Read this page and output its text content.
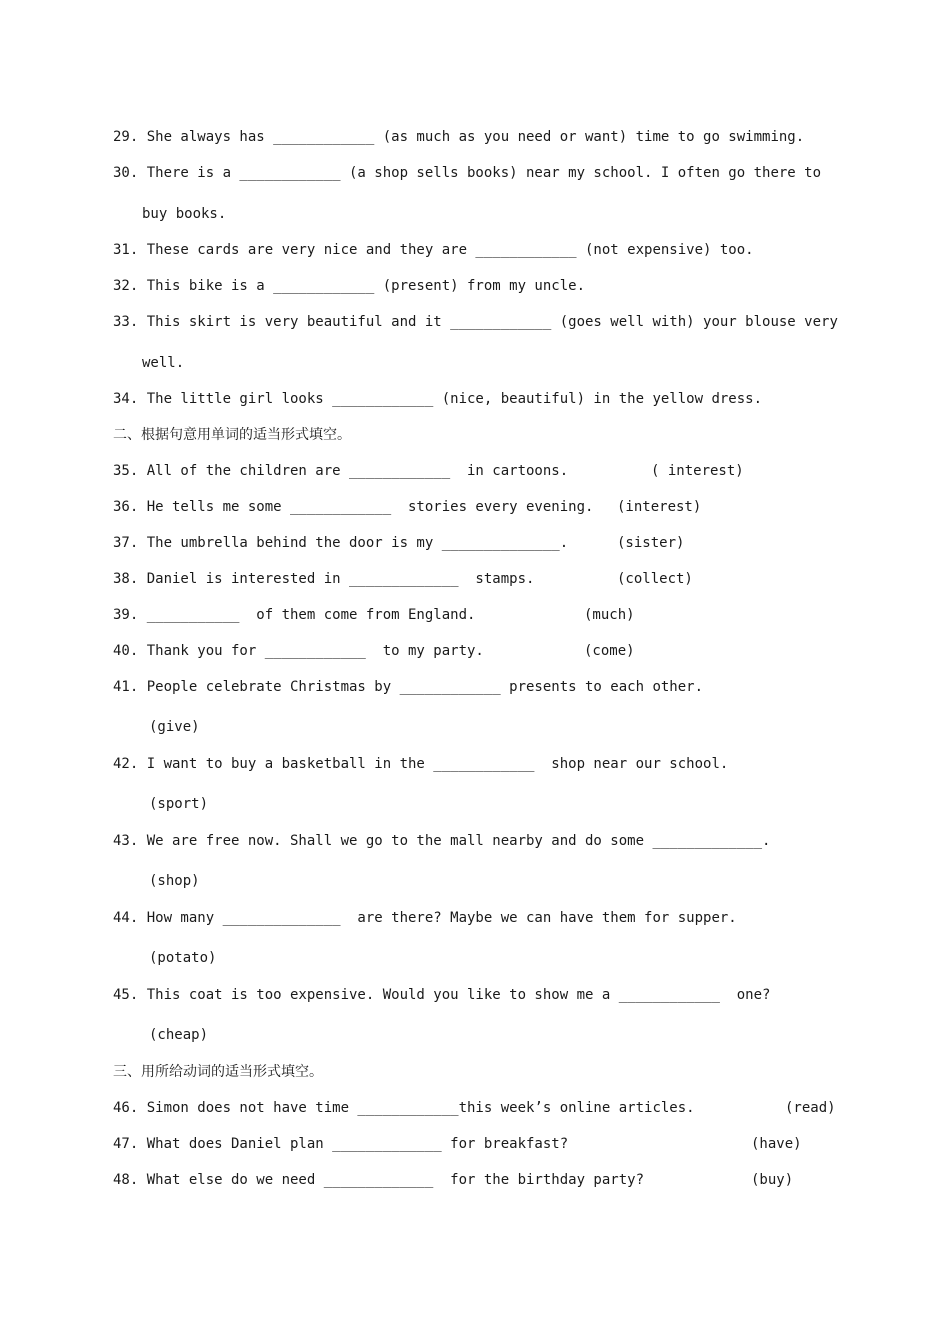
29. She always has ____________ (as much as you need or want) time to go swimming.
30. There is a ____________ (a shop sells books) near my school. I often go there to
buy books.
31. These cards are very nice and they are ____________ (not expensive) too.
32. This bike is a ____________ (present) from my uncle.
33. This skirt is very beautiful and it ____________ (goes well with) your blouse very
well.
34. The little girl looks ____________ (nice, beautiful) in the yellow dress.
二、根据句意用单词的适当形式填空。
35. All of the children are ____________  in cartoons.	( interest)
36. He tells me some ____________  stories every evening. (interest)
37. The umbrella behind the door is my ______________.	(sister)
38. Daniel is interested in _____________  stamps.	(collect)
39. ___________  of them come from England.	(much)
40. Thank you for ____________  to my party.	(come)
41. People celebrate Christmas by ____________ presents to each other.
(give)
42. I want to buy a basketball in the ____________  shop near our school.
(sport)
43. We are free now. Shall we go to the mall nearby and do some _____________.
(shop)
44. How many ______________  are there? Maybe we can have them for supper.
(potato)
45. This coat is too expensive. Would you like to show me a ____________  one?
(cheap)
三、用所给动词的适当形式填空。
46. Simon does not have time ____________this week’s online articles.	(read)
47. What does Daniel plan _____________ for breakfast?	(have)
48. What else do we need _____________  for the birthday party?	(buy)
